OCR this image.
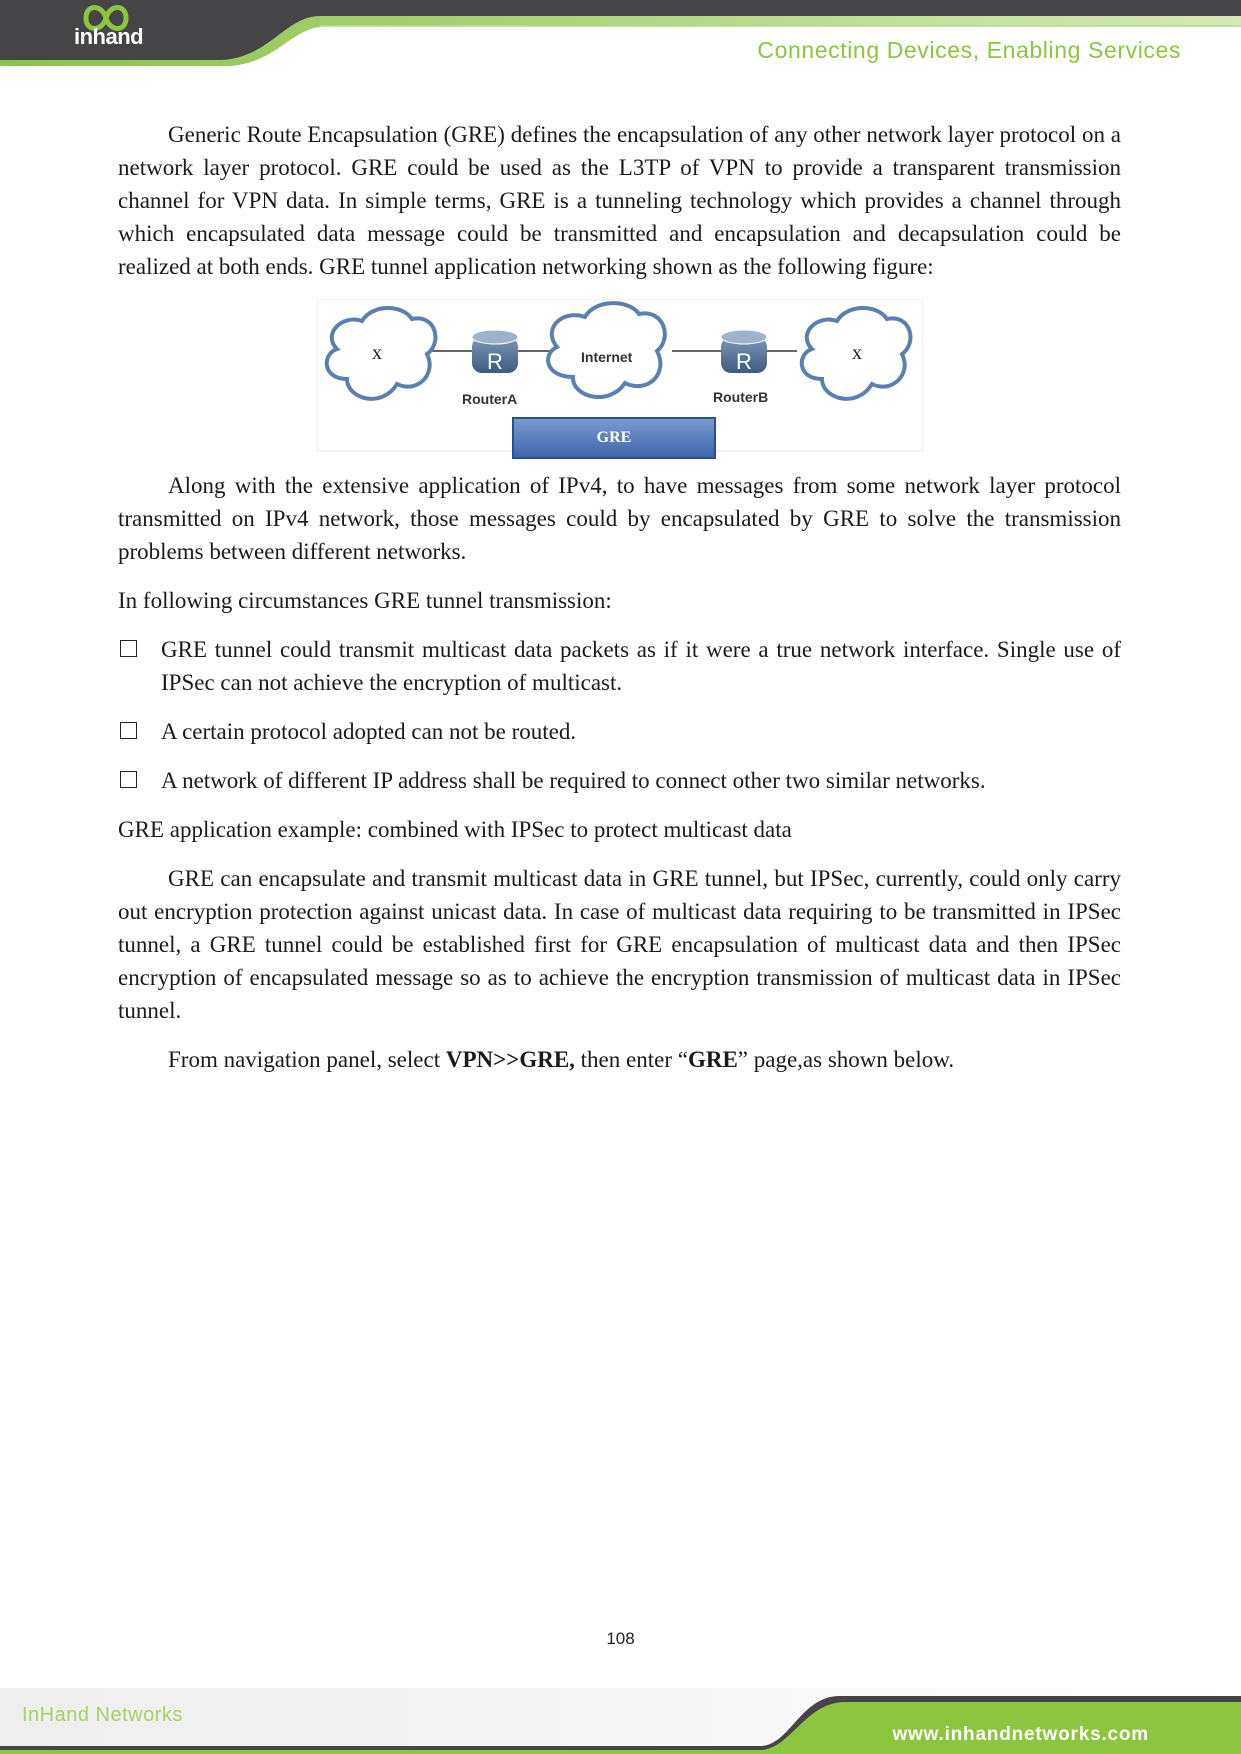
inhand
Connecting Devices, Enabling Services

Generic Route Encapsulation (GRE) defines the encapsulation of any other network layer protocol on a network layer protocol. GRE could be used as the L3TP of VPN to provide a transparent transmission channel for VPN data. In simple terms, GRE is a tunneling technology which provides a channel through which encapsulated data message could be transmitted and encapsulation and decapsulation could be realized at both ends. GRE tunnel application networking shown as the following figure:

R	R
x	Internet	x
RouterA	RouterB
GRE

Along with the extensive application of IPv4, to have messages from some network layer protocol transmitted on IPv4 network, those messages could by encapsulated by GRE to solve the transmission problems between different networks.

In following circumstances GRE tunnel transmission:

GRE tunnel could transmit multicast data packets as if it were a true network interface. Single use of IPSec can not achieve the encryption of multicast.
A certain protocol adopted can not be routed.
A network of different IP address shall be required to connect other two similar networks.

GRE application example: combined with IPSec to protect multicast data

GRE can encapsulate and transmit multicast data in GRE tunnel, but IPSec, currently, could only carry out encryption protection against unicast data. In case of multicast data requiring to be transmitted in IPSec tunnel, a GRE tunnel could be established first for GRE encapsulation of multicast data and then IPSec encryption of encapsulated message so as to achieve the encryption transmission of multicast data in IPSec tunnel.

From navigation panel, select VPN>>GRE, then enter “GRE” page,as shown below.

108
InHand Networks
www.inhandnetworks.com
